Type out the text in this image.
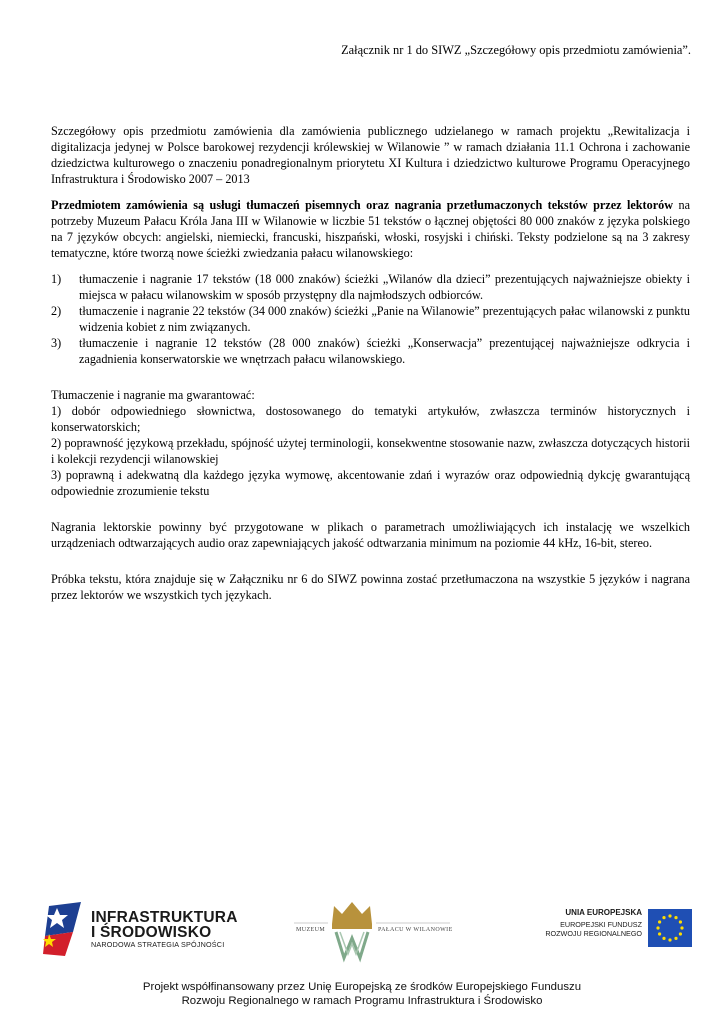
Załącznik nr 1 do SIWZ „Szczegółowy opis przedmiotu zamówienia”.

Szczegółowy opis przedmiotu zamówienia dla zamówienia publicznego udzielanego w ramach projektu „Rewitalizacja i digitalizacja jedynej w Polsce barokowej rezydencji królewskiej w Wilanowie ” w ramach działania 11.1 Ochrona i zachowanie dziedzictwa kulturowego o znaczeniu ponadregionalnym priorytetu XI Kultura i dziedzictwo kulturowe Programu Operacyjnego Infrastruktura i Środowisko 2007 – 2013

Przedmiotem zamówienia są usługi tłumaczeń pisemnych oraz nagrania przetłumaczonych tekstów przez lektorów na potrzeby Muzeum Pałacu Króla Jana III w Wilanowie w liczbie 51 tekstów o łącznej objętości 80 000 znaków z języka polskiego na 7 języków obcych: angielski, niemiecki, francuski, hiszpański, włoski, rosyjski i chiński. Teksty podzielone są na 3 zakresy tematyczne, które tworzą nowe ścieżki zwiedzania pałacu wilanowskiego:

1) tłumaczenie i nagranie 17 tekstów (18 000 znaków) ścieżki „Wilanów dla dzieci” prezentujących najważniejsze obiekty i miejsca w pałacu wilanowskim w sposób przystępny dla najmłodszych odbiorców.
2) tłumaczenie i nagranie 22 tekstów (34 000 znaków) ścieżki „Panie na Wilanowie” prezentujących pałac wilanowski z punktu widzenia kobiet z nim związanych.
3) tłumaczenie i nagranie 12 tekstów (28 000 znaków) ścieżki „Konserwacja” prezentującej najważniejsze odkrycia i zagadnienia konserwatorskie we wnętrzach pałacu wilanowskiego.

Tłumaczenie i nagranie ma gwarantować:

1) dobór odpowiedniego słownictwa, dostosowanego do tematyki artykułów, zwłaszcza terminów historycznych i konserwatorskich;

2) poprawność językową przekładu, spójność użytej terminologii, konsekwentne stosowanie nazw, zwłaszcza dotyczących historii i kolekcji rezydencji wilanowskiej

3) poprawną i adekwatną dla każdego języka wymowę, akcentowanie zdań i wyrazów oraz odpowiednią dykcję gwarantującą odpowiednie zrozumienie tekstu

Nagrania lektorskie powinny być przygotowane w plikach o parametrach umożliwiających ich instalację we wszelkich urządzeniach odtwarzających audio oraz zapewniających jakość odtwarzania minimum na poziomie 44 kHz, 16-bit, stereo.

Próbka tekstu, która znajduje się w Załączniku nr 6 do SIWZ powinna zostać przetłumaczona na wszystkie 5 języków i nagrana przez lektorów we wszystkich tych językach.

INFRASTRUKTURA
I ŚRODOWISKO
NARODOWA STRATEGIA SPÓJNOŚCI
MUZEUM	PAŁACU W WILANOWIE
UNIA EUROPEJSKA
EUROPEJSKI FUNDUSZ
ROZWOJU REGIONALNEGO
Projekt współfinansowany przez Unię Europejską ze środków Europejskiego Funduszu
Rozwoju Regionalnego w ramach Programu Infrastruktura i Środowisko
